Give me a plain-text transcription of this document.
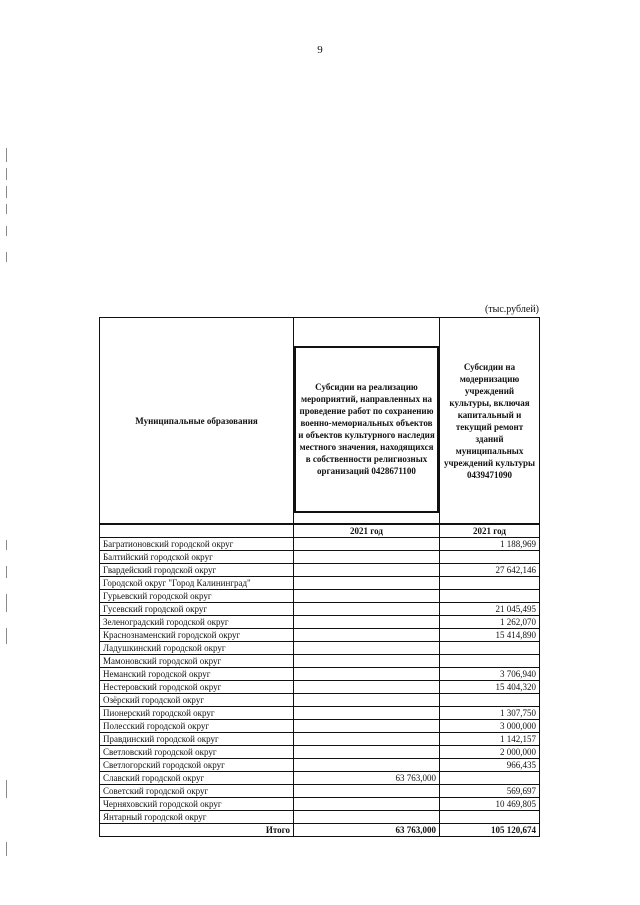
9
(тыс.рублей)
Муниципальные образования	Субсидии на реализацию мероприятий, направленных на проведение работ по сохранению военно-мемориальных объектов и объектов культурного наследия местного значения, находящихся в собственности религиозных организаций 0428671100	Субсидии на модернизацию учреждений культуры, включая капитальный и текущий ремонт зданий муниципальных учреждений культуры 0439471090
	2021 год	2021 год
Багратионовский городской округ		1 188,969
Балтийский городской округ		
Гвардейский городской округ		27 642,146
Городской округ "Город Калининград"		
Гурьевский городской округ		
Гусевский городской округ		21 045,495
Зеленоградский городской округ		1 262,070
Краснознаменский городской округ		15 414,890
Ладушкинский городской округ		
Мамоновский городской округ		
Неманский городской округ		3 706,940
Нестеровский городской округ		15 404,320
Озёрский городской округ		
Пионерский городской округ		1 307,750
Полесский городской округ		3 000,000
Правдинский городской округ		1 142,157
Светловский городской округ		2 000,000
Светлогорский городской округ		966,435
Славский городской округ	63 763,000	
Советский городской округ		569,697
Черняховский городской округ		10 469,805
Янтарный городской округ		
Итого	63 763,000	105 120,674
